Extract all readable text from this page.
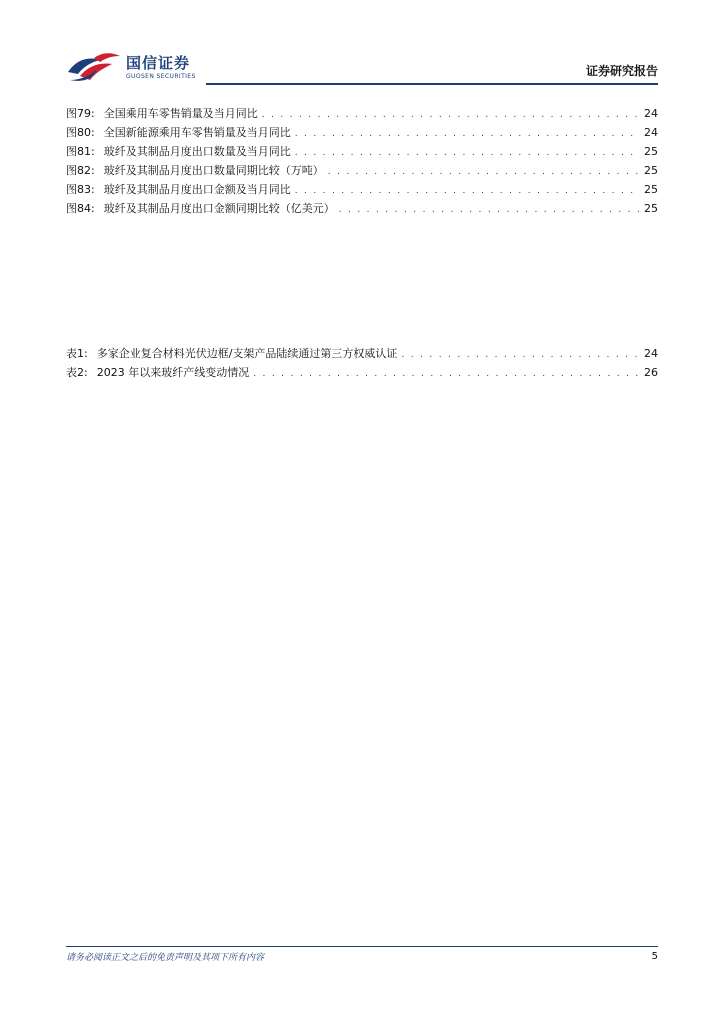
国信证券
GUOSEN SECURITIES	证券研究报告
图79: 全国乘用车零售销量及当月同比 . . .	24
图80: 全国新能源乘用车零售销量及当月同比 . . .	24
图81: 玻纤及其制品月度出口数量及当月同比 . . .	25
图82: 玻纤及其制品月度出口数量同期比较（万吨） . . .	25
图83: 玻纤及其制品月度出口金额及当月同比 . . .	25
图84: 玻纤及其制品月度出口金额同期比较（亿美元） . . .	25
表1: 多家企业复合材料光伏边框/支架产品陆续通过第三方权威认证 . . .	24
表2: 2023 年以来玻纤产线变动情况 . . .	26
请务必阅读正文之后的免责声明及其项下所有内容	5
